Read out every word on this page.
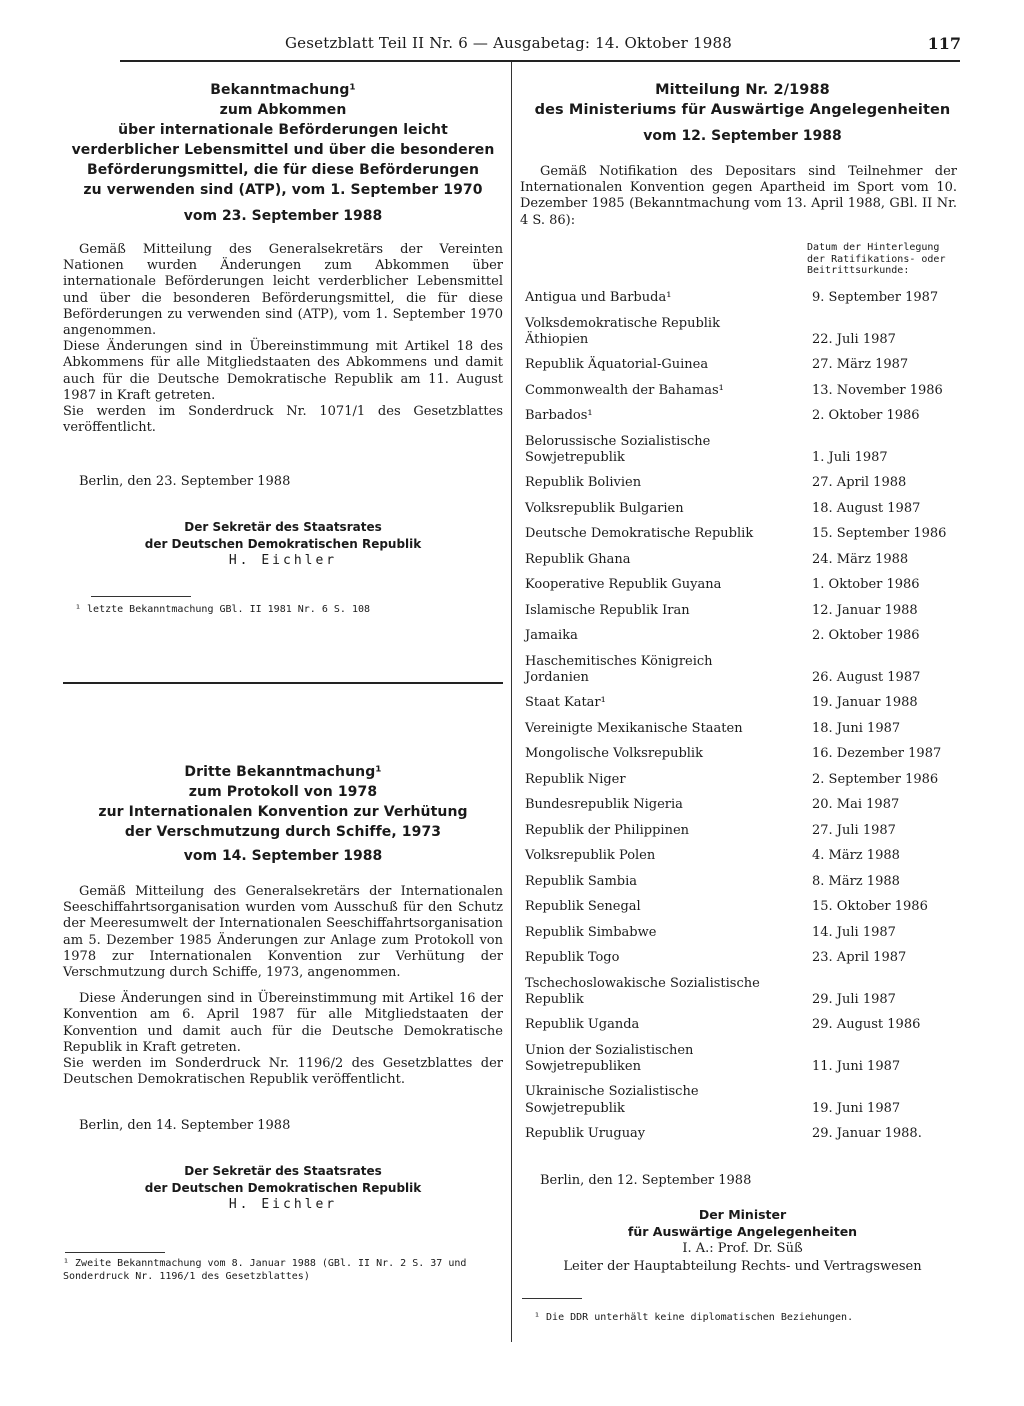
Gesetzblatt Teil II Nr. 6 — Ausgabetag: 14. Oktober 1988	117
Bekanntmachung¹
zum Abkommen
über internationale Beförderungen leicht
verderblicher Lebensmittel und über die besonderen
Beförderungsmittel, die für diese Beförderungen
zu verwenden sind (ATP), vom 1. September 1970
vom 23. September 1988
Gemäß Mitteilung des Generalsekretärs der Vereinten Nationen wurden Änderungen zum Abkommen über internationale Beförderungen leicht verderblicher Lebensmittel und über die besonderen Beförderungsmittel, die für diese Beförderungen zu verwenden sind (ATP), vom 1. September 1970 angenommen.
Diese Änderungen sind in Übereinstimmung mit Artikel 18 des Abkommens für alle Mitgliedstaaten des Abkommens und damit auch für die Deutsche Demokratische Republik am 11. August 1987 in Kraft getreten.
Sie werden im Sonderdruck Nr. 1071/1 des Gesetzblattes veröffentlicht.
Berlin, den 23. September 1988
Der Sekretär des Staatsrates
der Deutschen Demokratischen Republik
H. Eichler
¹ letzte Bekanntmachung GBl. II 1981 Nr. 6 S. 108
Dritte Bekanntmachung¹
zum Protokoll von 1978
zur Internationalen Konvention zur Verhütung
der Verschmutzung durch Schiffe, 1973
vom 14. September 1988
Gemäß Mitteilung des Generalsekretärs der Internationalen Seeschiffahrtsorganisation wurden vom Ausschuß für den Schutz der Meeresumwelt der Internationalen Seeschiffahrtsorganisation am 5. Dezember 1985 Änderungen zur Anlage zum Protokoll von 1978 zur Internationalen Konvention zur Verhütung der Verschmutzung durch Schiffe, 1973, angenommen.
Diese Änderungen sind in Übereinstimmung mit Artikel 16 der Konvention am 6. April 1987 für alle Mitgliedstaaten der Konvention und damit auch für die Deutsche Demokratische Republik in Kraft getreten.
Sie werden im Sonderdruck Nr. 1196/2 des Gesetzblattes der Deutschen Demokratischen Republik veröffentlicht.
Berlin, den 14. September 1988
Der Sekretär des Staatsrates
der Deutschen Demokratischen Republik
H. Eichler
¹ Zweite Bekanntmachung vom 8. Januar 1988 (GBl. II Nr. 2 S. 37 und
Sonderdruck Nr. 1196/1 des Gesetzblattes)
Mitteilung Nr. 2/1988
des Ministeriums für Auswärtige Angelegenheiten
vom 12. September 1988
Gemäß Notifikation des Depositars sind Teilnehmer der Internationalen Konvention gegen Apartheid im Sport vom 10. Dezember 1985 (Bekanntmachung vom 13. April 1988, GBl. II Nr. 4 S. 86):
Datum der Hinterlegung
der Ratifikations- oder
Beitrittsurkunde:
Antigua und Barbuda¹	9. September 1987
Volksdemokratische Republik
Äthiopien	22. Juli 1987
Republik Äquatorial-Guinea	27. März 1987
Commonwealth der Bahamas¹	13. November 1986
Barbados¹	2. Oktober 1986
Belorussische Sozialistische
Sowjetrepublik	1. Juli 1987
Republik Bolivien	27. April 1988
Volksrepublik Bulgarien	18. August 1987
Deutsche Demokratische Republik	15. September 1986
Republik Ghana	24. März 1988
Kooperative Republik Guyana	1. Oktober 1986
Islamische Republik Iran	12. Januar 1988
Jamaika	2. Oktober 1986
Haschemitisches Königreich
Jordanien	26. August 1987
Staat Katar¹	19. Januar 1988
Vereinigte Mexikanische Staaten	18. Juni 1987
Mongolische Volksrepublik	16. Dezember 1987
Republik Niger	2. September 1986
Bundesrepublik Nigeria	20. Mai 1987
Republik der Philippinen	27. Juli 1987
Volksrepublik Polen	4. März 1988
Republik Sambia	8. März 1988
Republik Senegal	15. Oktober 1986
Republik Simbabwe	14. Juli 1987
Republik Togo	23. April 1987
Tschechoslowakische Sozialistische
Republik	29. Juli 1987
Republik Uganda	29. August 1986
Union der Sozialistischen
Sowjetrepubliken	11. Juni 1987
Ukrainische Sozialistische
Sowjetrepublik	19. Juni 1987
Republik Uruguay	29. Januar 1988.
Berlin, den 12. September 1988
Der Minister
für Auswärtige Angelegenheiten
I. A.: Prof. Dr. Süß
Leiter der Hauptabteilung Rechts- und Vertragswesen
¹ Die DDR unterhält keine diplomatischen Beziehungen.
